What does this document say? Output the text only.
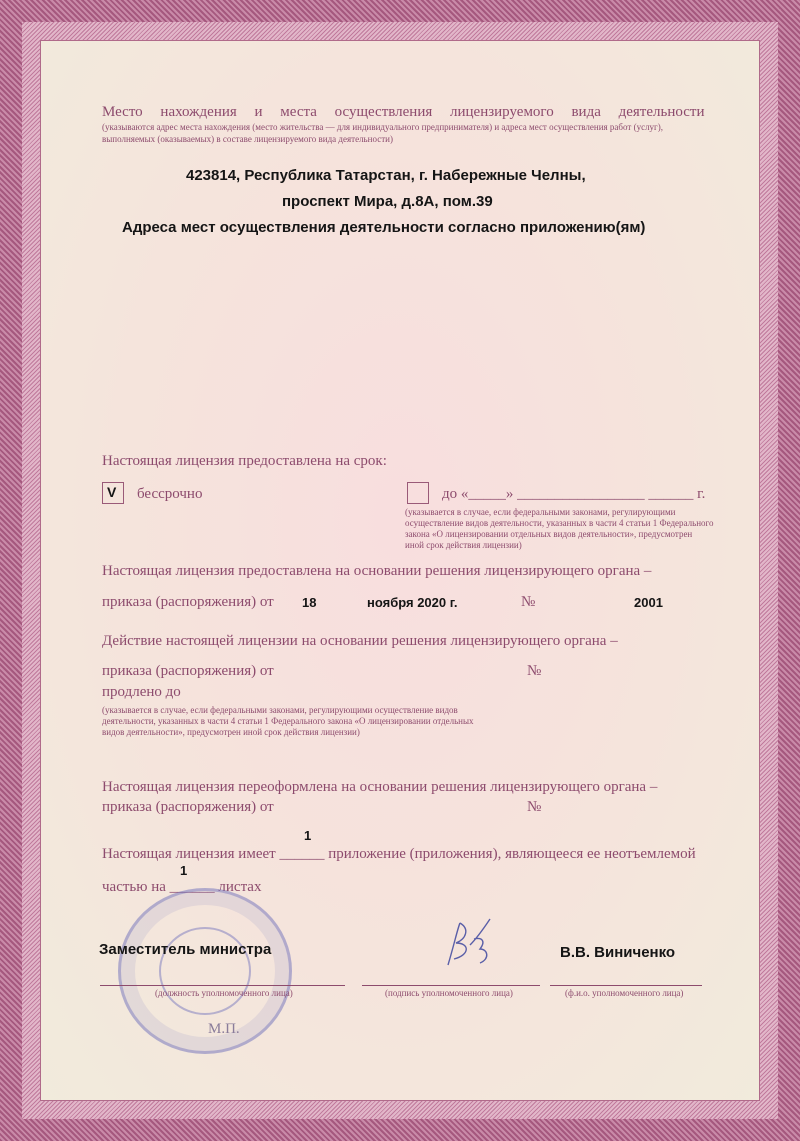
Место нахождения и места осуществления лицензируемого вида деятельности
(указываются адрес места нахождения (место жительства — для индивидуального предпринимателя) и адреса мест осуществления работ (услуг),
выполняемых (оказываемых) в составе лицензируемого вида деятельности)
423814, Республика Татарстан, г. Набережные Челны,
проспект Мира, д.8А, пом.39
Адреса мест осуществления деятельности согласно приложению(ям)
Настоящая лицензия предоставлена на срок:
V бессрочно	до «_____» _________________ ______ г.
(указывается в случае, если федеральными законами, регулирующими
осуществление видов деятельности, указанных в части 4 статьи 1 Федерального
закона «О лицензировании отдельных видов деятельности», предусмотрен
иной срок действия лицензии)
Настоящая лицензия предоставлена на основании решения лицензирующего органа –
приказа (распоряжения) от 18	ноября 2020 г.	№	2001
Действие настоящей лицензии на основании решения лицензирующего органа –
приказа (распоряжения) от	№
продлено до
(указывается в случае, если федеральными законами, регулирующими осуществление видов
деятельности, указанных в части 4 статьи 1 Федерального закона «О лицензировании отдельных
видов деятельности», предусмотрен иной срок действия лицензии)
Настоящая лицензия переоформлена на основании решения лицензирующего органа –
приказа (распоряжения) от	№
1
Настоящая лицензия имеет ______ приложение (приложения), являющееся ее неотъемлемой
1
частью на ______ листах
Заместитель министра	В.В. Виниченко
(должность уполномоченного лица)	(подпись уполномоченного лица)	(ф.и.о. уполномоченного лица)
М.П.
